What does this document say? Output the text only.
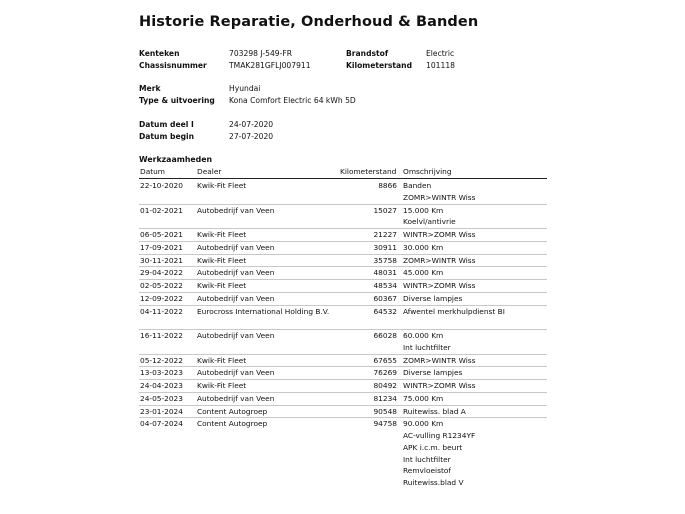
Historie Reparatie, Onderhoud & Banden
Kenteken	703298 J-549-FR
Chassisnummer	TMAK281GFLJ007911
Brandstof	Electric
Kilometerstand 101118
Merk	Hyundai
Type & uitvoering Kona Comfort Electric 64 kWh 5D
Datum deel I	24-07-2020
Datum begin	27-07-2020
Werkzaamheden
Datum	Dealer	Kilometerstand Omschrijving
22-10-2020 Kwik-Fit Fleet	8866 Banden
ZOMR>WINTR Wiss
01-02-2021 Autobedrijf van Veen	15027 15.000 Km
Koelvl/antivrie
06-05-2021 Kwik-Fit Fleet	21227 WINTR>ZOMR Wiss
17-09-2021 Autobedrijf van Veen	30911 30.000 Km
30-11-2021 Kwik-Fit Fleet	35758 ZOMR>WINTR Wiss
29-04-2022 Autobedrijf van Veen	48031 45.000 Km
02-05-2022 Kwik-Fit Fleet	48534 WINTR>ZOMR Wiss
12-09-2022 Autobedrijf van Veen	60367 Diverse lampjes
04-11-2022 Eurocross International Holding B.V.	64532 Afwentel merkhulpdienst BI
16-11-2022 Autobedrijf van Veen	66028 60.000 Km
Int luchtfilter
05-12-2022 Kwik-Fit Fleet	67655 ZOMR>WINTR Wiss
13-03-2023 Autobedrijf van Veen	76269 Diverse lampjes
24-04-2023 Kwik-Fit Fleet	80492 WINTR>ZOMR Wiss
24-05-2023 Autobedrijf van Veen	81234 75.000 Km
23-01-2024 Content Autogroep	90548 Ruitewiss. blad A
04-07-2024 Content Autogroep	94758 90.000 Km
AC-vulling R1234YF
APK i.c.m. beurt
Int luchtfilter
Remvloeistof
Ruitewiss.blad V
